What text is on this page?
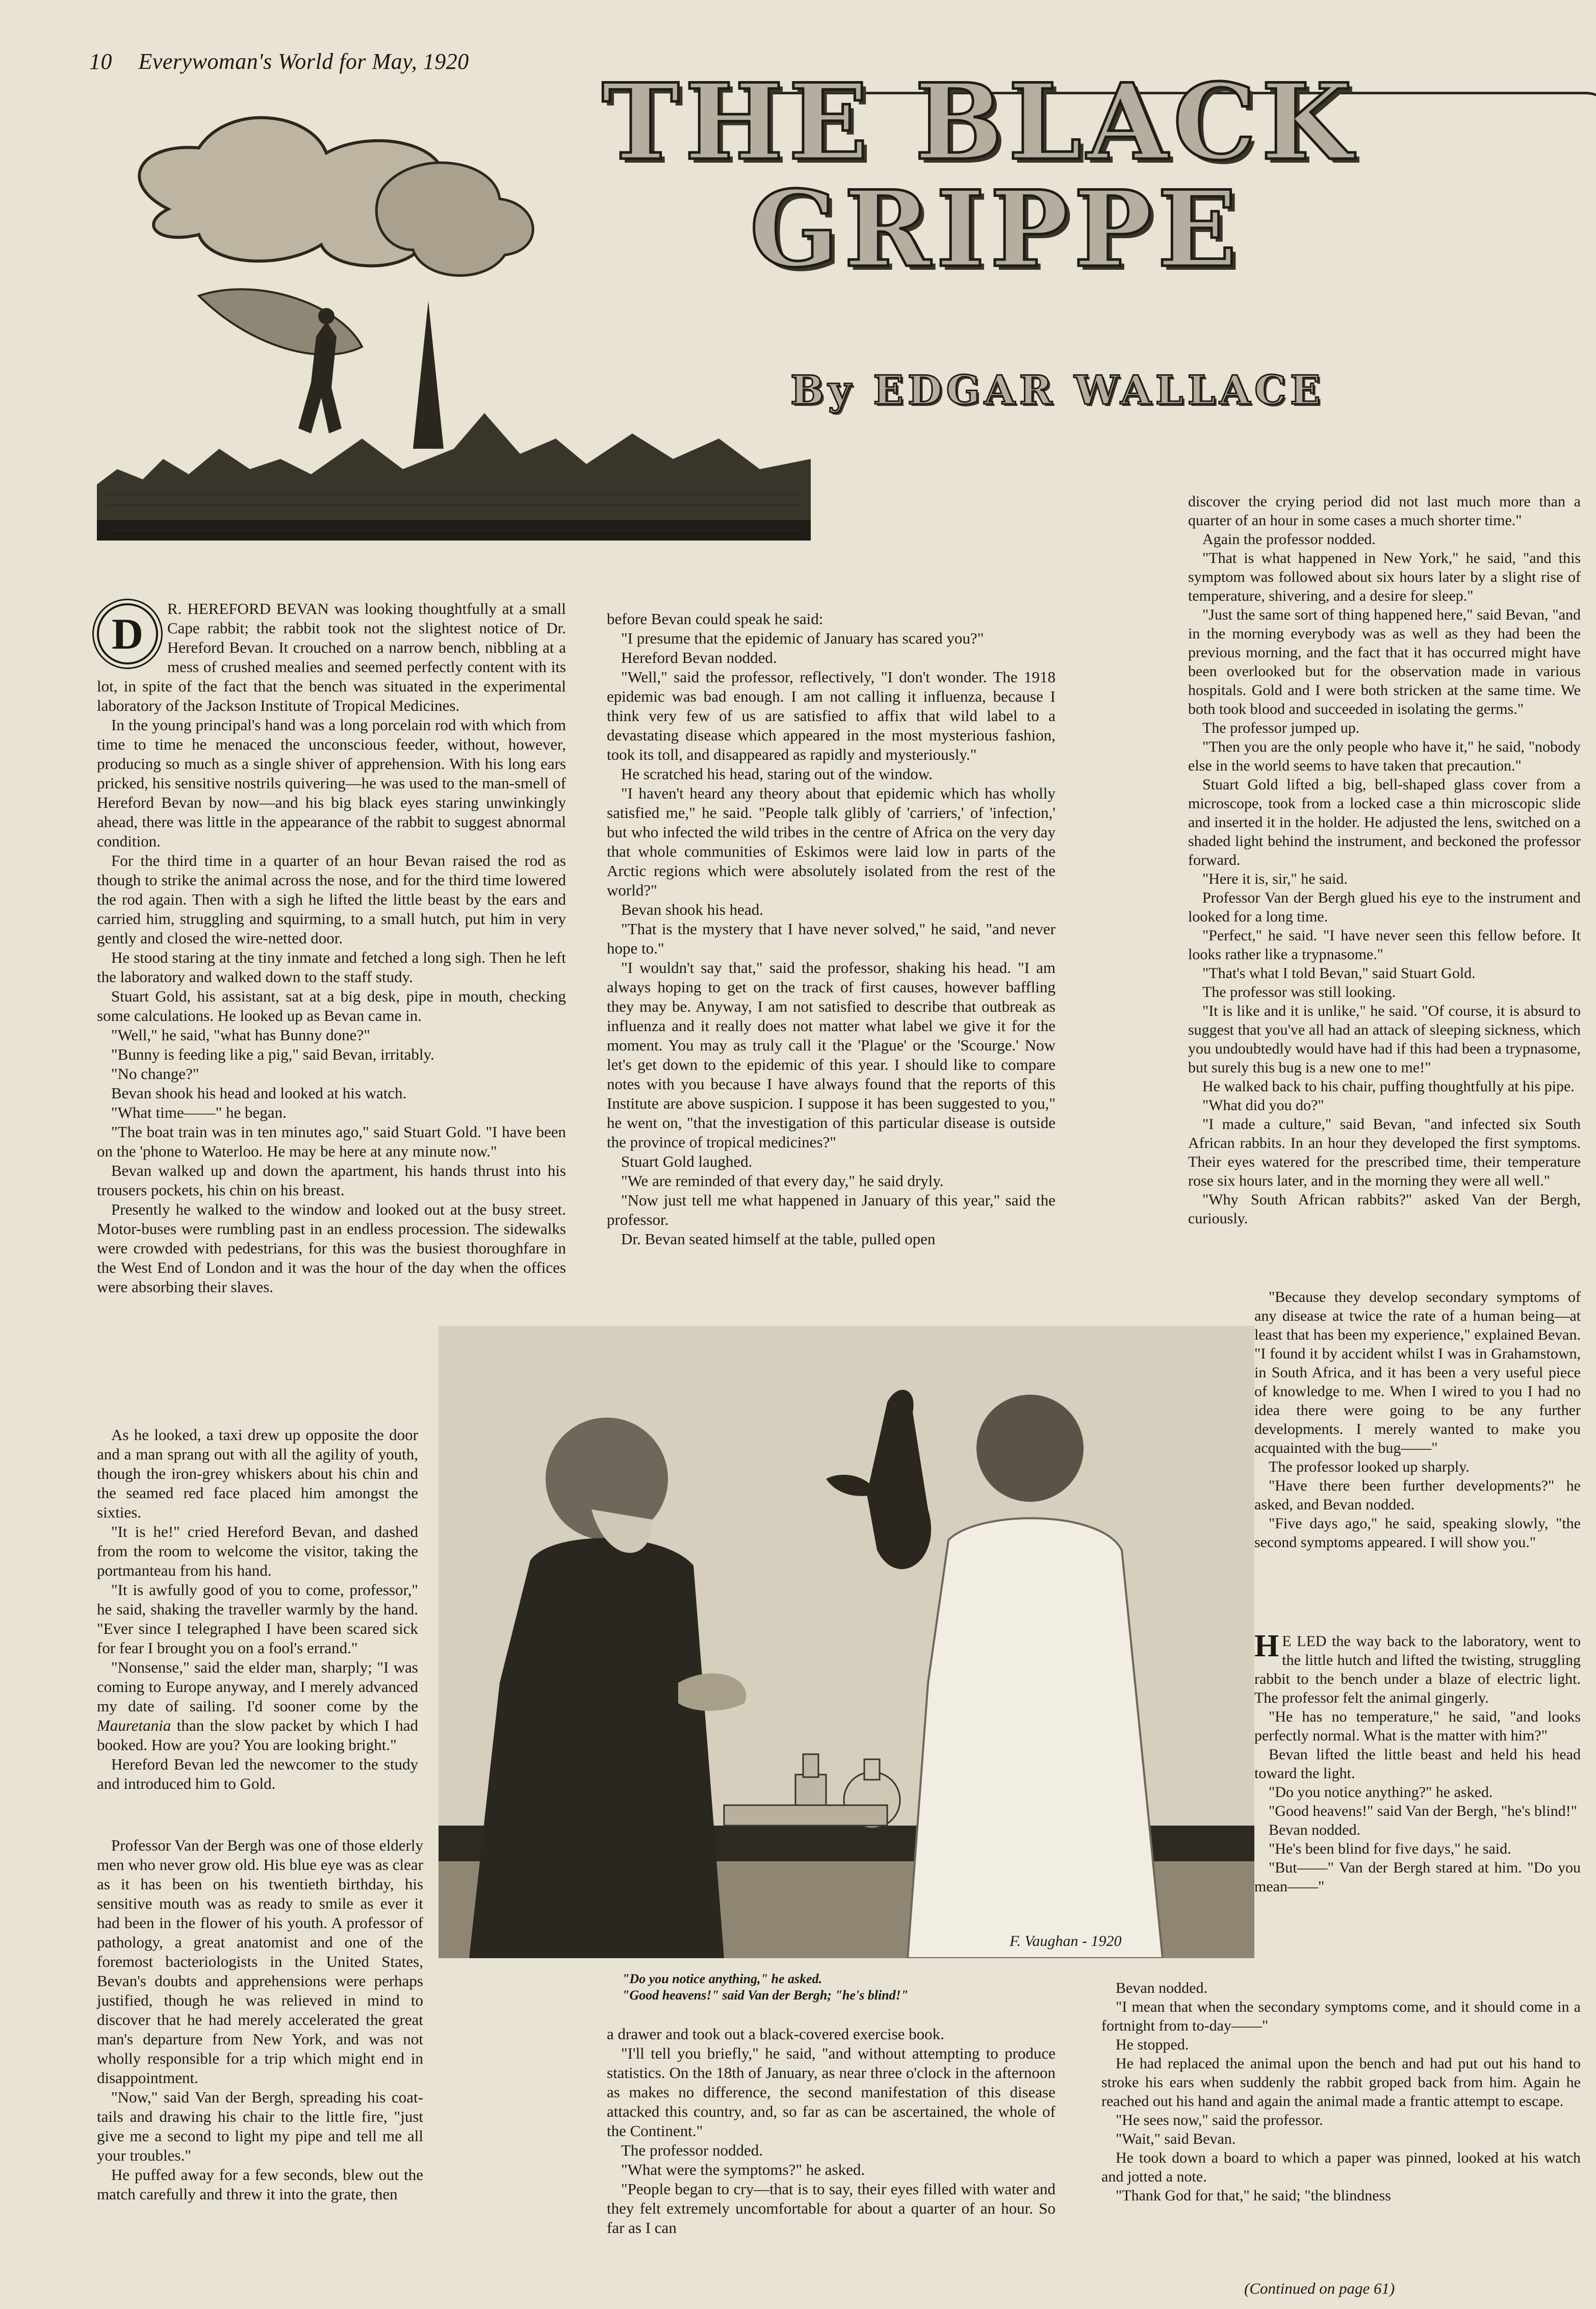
10 Everywoman's World for May, 1920 THE BLACK
GRIPPE
By EDGAR WALLACE
D

R. HEREFORD BEVAN was looking thoughtfully at a small Cape rabbit; the rabbit took not the slightest notice of Dr. Hereford Bevan. It crouched on a narrow bench, nibbling at a mess of crushed mealies and seemed perfectly content with its lot, in spite of the fact that the bench was situated in the experimental laboratory of the Jackson Institute of Tropical Medicines.

In the young principal's hand was a long porcelain rod with which from time to time he menaced the unconscious feeder, without, however, producing so much as a single shiver of apprehension. With his long ears pricked, his sensitive nostrils quivering—he was used to the man-smell of Hereford Bevan by now—and his big black eyes staring unwinkingly ahead, there was little in the appearance of the rabbit to suggest abnormal condition.

For the third time in a quarter of an hour Bevan raised the rod as though to strike the animal across the nose, and for the third time lowered the rod again. Then with a sigh he lifted the little beast by the ears and carried him, struggling and squirming, to a small hutch, put him in very gently and closed the wire-netted door.

He stood staring at the tiny inmate and fetched a long sigh. Then he left the laboratory and walked down to the staff study.

Stuart Gold, his assistant, sat at a big desk, pipe in mouth, checking some calculations. He looked up as Bevan came in.

"Well," he said, "what has Bunny done?"

"Bunny is feeding like a pig," said Bevan, irritably.

"No change?"

Bevan shook his head and looked at his watch.

"What time——" he began.

"The boat train was in ten minutes ago," said Stuart Gold. "I have been on the 'phone to Waterloo. He may be here at any minute now."

Bevan walked up and down the apartment, his hands thrust into his trousers pockets, his chin on his breast.

Presently he walked to the window and looked out at the busy street. Motor-buses were rumbling past in an endless procession. The sidewalks were crowded with pedestrians, for this was the busiest thoroughfare in the West End of London and it was the hour of the day when the offices were absorbing their slaves.

As he looked, a taxi drew up opposite the door and a man sprang out with all the agility of youth, though the iron-grey whiskers about his chin and the seamed red face placed him amongst the sixties.

"It is he!" cried Hereford Bevan, and dashed from the room to welcome the visitor, taking the portmanteau from his hand.

"It is awfully good of you to come, professor," he said, shaking the traveller warmly by the hand. "Ever since I telegraphed I have been scared sick for fear I brought you on a fool's errand."

"Nonsense," said the elder man, sharply; "I was coming to Europe anyway, and I merely advanced my date of sailing. I'd sooner come by the Mauretania than the slow packet by which I had booked. How are you? You are looking bright."

Hereford Bevan led the newcomer to the study and introduced him to Gold.

Professor Van der Bergh was one of those elderly men who never grow old. His blue eye was as clear as it has been on his twentieth birthday, his sensitive mouth was as ready to smile as ever it had been in the flower of his youth. A professor of pathology, a great anatomist and one of the foremost bacteriologists in the United States, Bevan's doubts and apprehensions were perhaps justified, though he was relieved in mind to discover that he had merely accelerated the great man's departure from New York, and was not wholly responsible for a trip which might end in disappointment.

"Now," said Van der Bergh, spreading his coat-tails and drawing his chair to the little fire, "just give me a second to light my pipe and tell me all your troubles."

He puffed away for a few seconds, blew out the match carefully and threw it into the grate, then

before Bevan could speak he said:

"I presume that the epidemic of January has scared you?"

Hereford Bevan nodded.

"Well," said the professor, reflectively, "I don't wonder. The 1918 epidemic was bad enough. I am not calling it influenza, because I think very few of us are satisfied to affix that wild label to a devastating disease which appeared in the most mysterious fashion, took its toll, and disappeared as rapidly and mysteriously."

He scratched his head, staring out of the window.

"I haven't heard any theory about that epidemic which has wholly satisfied me," he said. "People talk glibly of 'carriers,' of 'infection,' but who infected the wild tribes in the centre of Africa on the very day that whole communities of Eskimos were laid low in parts of the Arctic regions which were absolutely isolated from the rest of the world?"

Bevan shook his head.

"That is the mystery that I have never solved," he said, "and never hope to."

"I wouldn't say that," said the professor, shaking his head. "I am always hoping to get on the track of first causes, however baffling they may be. Anyway, I am not satisfied to describe that outbreak as influenza and it really does not matter what label we give it for the moment. You may as truly call it the 'Plague' or the 'Scourge.' Now let's get down to the epidemic of this year. I should like to compare notes with you because I have always found that the reports of this Institute are above suspicion. I suppose it has been suggested to you," he went on, "that the investigation of this particular disease is outside the province of tropical medicines?"

Stuart Gold laughed.

"We are reminded of that every day," he said dryly.

"Now just tell me what happened in January of this year," said the professor.

Dr. Bevan seated himself at the table, pulled open

F. Vaughan - 1920
"Do you notice anything," he asked.
"Good heavens!" said Van der Bergh; "he's blind!"

a drawer and took out a black-covered exercise book.

"I'll tell you briefly," he said, "and without attempting to produce statistics. On the 18th of January, as near three o'clock in the afternoon as makes no difference, the second manifestation of this disease attacked this country, and, so far as can be ascertained, the whole of the Continent."

The professor nodded.

"What were the symptoms?" he asked.

"People began to cry—that is to say, their eyes filled with water and they felt extremely uncomfortable for about a quarter of an hour. So far as I can

discover the crying period did not last much more than a quarter of an hour in some cases a much shorter time."

Again the professor nodded.

"That is what happened in New York," he said, "and this symptom was followed about six hours later by a slight rise of temperature, shivering, and a desire for sleep."

"Just the same sort of thing happened here," said Bevan, "and in the morning everybody was as well as they had been the previous morning, and the fact that it has occurred might have been overlooked but for the observation made in various hospitals. Gold and I were both stricken at the same time. We both took blood and succeeded in isolating the germs."

The professor jumped up.

"Then you are the only people who have it," he said, "nobody else in the world seems to have taken that precaution."

Stuart Gold lifted a big, bell-shaped glass cover from a microscope, took from a locked case a thin microscopic slide and inserted it in the holder. He adjusted the lens, switched on a shaded light behind the instrument, and beckoned the professor forward.

"Here it is, sir," he said.

Professor Van der Bergh glued his eye to the instrument and looked for a long time.

"Perfect," he said. "I have never seen this fellow before. It looks rather like a trypnasome."

"That's what I told Bevan," said Stuart Gold.

The professor was still looking.

"It is like and it is unlike," he said. "Of course, it is absurd to suggest that you've all had an attack of sleeping sickness, which you undoubtedly would have had if this had been a trypnasome, but surely this bug is a new one to me!"

He walked back to his chair, puffing thoughtfully at his pipe.

"What did you do?"

"I made a culture," said Bevan, "and infected six South African rabbits. In an hour they developed the first symptoms. Their eyes watered for the prescribed time, their temperature rose six hours later, and in the morning they were all well."

"Why South African rabbits?" asked Van der Bergh, curiously.

"Because they develop secondary symptoms of any disease at twice the rate of a human being—at least that has been my experience," explained Bevan. "I found it by accident whilst I was in Grahamstown, in South Africa, and it has been a very useful piece of knowledge to me. When I wired to you I had no idea there were going to be any further developments. I merely wanted to make you acquainted with the bug——"

The professor looked up sharply.

"Have there been further developments?" he asked, and Bevan nodded.

"Five days ago," he said, speaking slowly, "the second symptoms appeared. I will show you."

H E LED the way back to the laboratory, went to the little hutch and lifted the twisting, struggling rabbit to the bench under a blaze of electric light. The professor felt the animal gingerly.

"He has no temperature," he said, "and looks perfectly normal. What is the matter with him?"

Bevan lifted the little beast and held his head toward the light.

"Do you notice anything?" he asked.

"Good heavens!" said Van der Bergh, "he's blind!"

Bevan nodded.

"He's been blind for five days," he said.

"But——" Van der Bergh stared at him. "Do you mean——"

Bevan nodded.

"I mean that when the secondary symptoms come, and it should come in a fortnight from to-day——"

He stopped.

He had replaced the animal upon the bench and had put out his hand to stroke his ears when suddenly the rabbit groped back from him. Again he reached out his hand and again the animal made a frantic attempt to escape.

"He sees now," said the professor.

"Wait," said Bevan.

He took down a board to which a paper was pinned, looked at his watch and jotted a note.

"Thank God for that," he said; "the blindness

(Continued on page 61)
